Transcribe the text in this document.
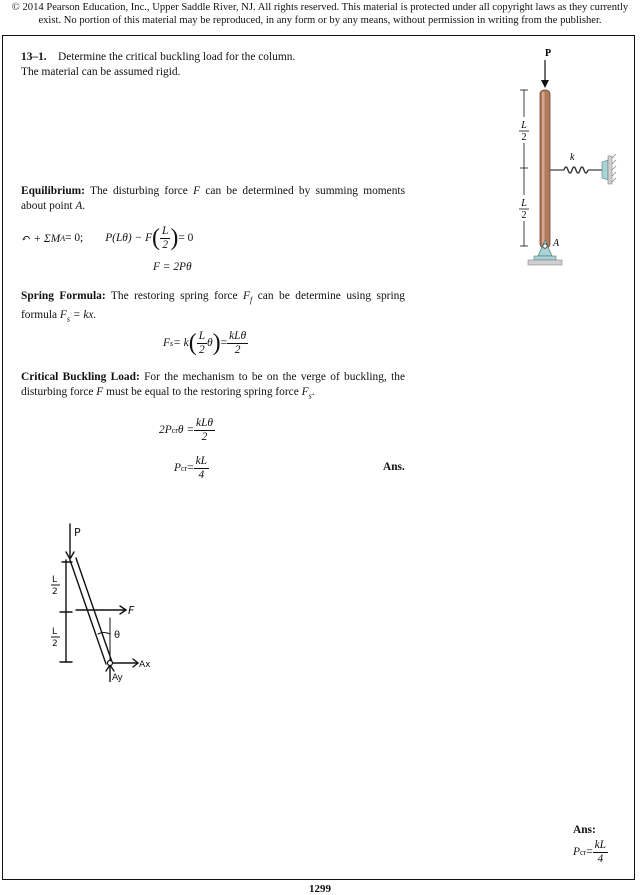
© 2014 Pearson Education, Inc., Upper Saddle River, NJ. All rights reserved. This material is protected under all copyright laws as they currently
exist. No portion of this material may be reproduced, in any form or by any means, without permission in writing from the publisher.
13–1. Determine the critical buckling load for the column.
The material can be assumed rigid.
Equilibrium: The disturbing force F can be determined by summing moments about point A.
↶ + ΣM A = 0; P(Lθ) − F ( $\frac{L}{2}$ ) = 0
F = 2Pθ
Spring Formula: The restoring spring force $F_f$ can be determine using spring formula $F_s$ = kx.
F s = k ( $\frac{L}{2}$ θ ) = $\frac{\text{kLθ}}{2}$
Critical Buckling Load: For the mechanism to be on the verge of buckling, the disturbing force F must be equal to the restoring spring force $F_s$.
2P cr $\theta = \frac{\text{kLθ}}{2}$
P cr = $\frac{kL}{4}$	Ans.
P
L
2
L
2
k
A
P
L
2
F
L
2
θ
Ax
Ay
Ans:
P cr = $\frac{kL}{4}$
1299
